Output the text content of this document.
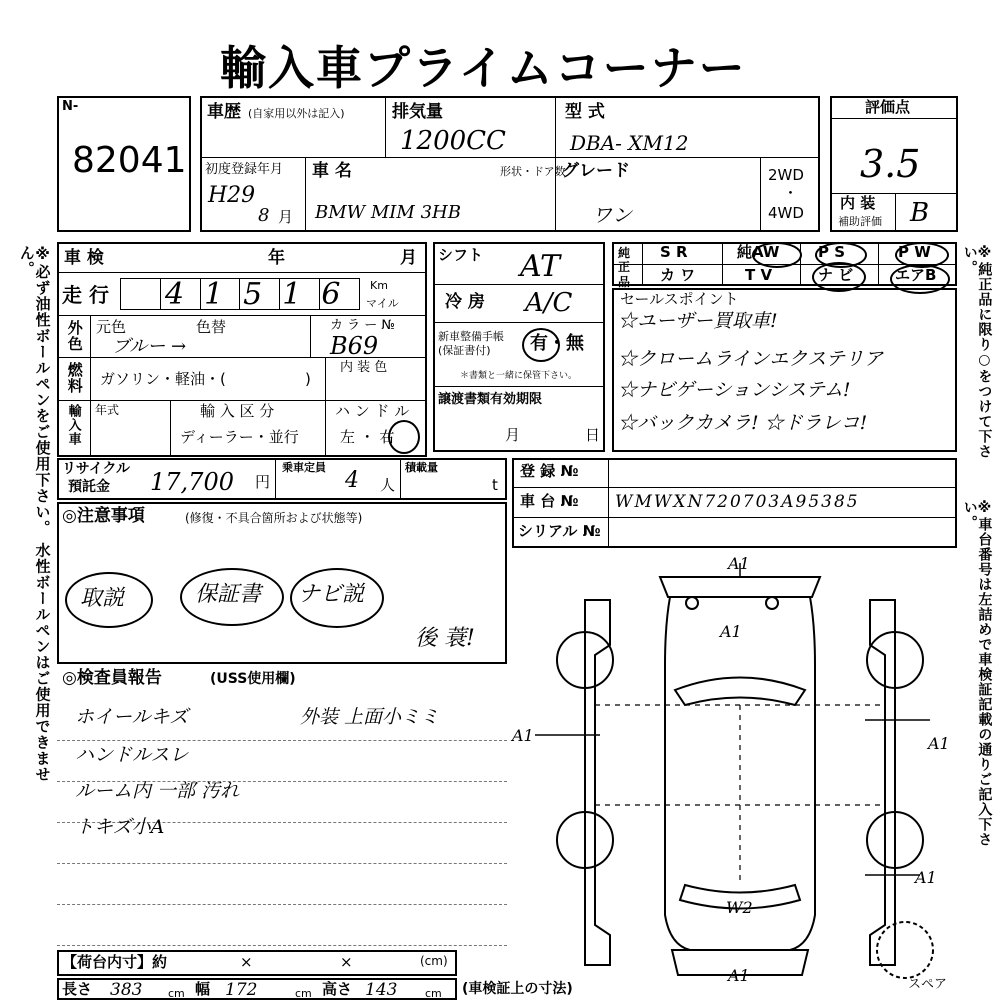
輸入車プライムコーナー
※必ず油性ボールペンをご使用下さい。 水性ボールペンはご使用できません。	※純正品に限り○をつけて下さい。
※車台番号は左詰めで車検証記載の通りご記入下さい。
N-
82041
車歴 (自家用以外は記入)	排気量
1200CC
型 式
DBA- XM12
初度登録年月
H29
8 月
車 名
BMW MIM 3HB
形状・ドア数
グレード
ワン
2WD
・
4WD
評価点
3.5
内 装
補助評価 B
車 検	年	月
走 行 41516 Km
マイル
外色 元色	色替
ブルー →
カ ラ ー №
B69
燃料 ガソリン・軽油・(	)
内 装 色
輸入車 年式	輸 入 区 分
ディーラー・並行
ハ ン ド ル
左 ・ 右
シフト AT
冷 房 A/C
新車整備手帳
(保証書付)	有・無
＊書類と一緒に保管下さい。
譲渡書類有効期限
月	日
純正品
S R	純AW	P S	P W
カ ワ	T V	ナ ビ	エアB
セールスポイント
☆ユーザー買取車!
☆クロームラインエクステリア
☆ナビゲーションシステム!
☆バックカメラ! ☆ドラレコ!
リサイクル
預託金 17,700 円
乗車定員
4 人
積載量
t
登 録 №
車 台 № WMWXN720703A95385
シリアル №
◎注意事項	(修復・不具合箇所および状態等)
取説	保証書 ナビ説
後 蓑!
◎検査員報告	(USS使用欄)
ホイールキズ
ハンドルスレ
ルーム内 一部 汚れ
トキズ小A
外装 上面小ミミ
【荷台内寸】約	×	×	(cm)
長さ 383 cm 幅 172	cm 高さ 143	cm (車検証上の寸法)
A1
A1
A1	A1
A1
W2
A1	スペア
